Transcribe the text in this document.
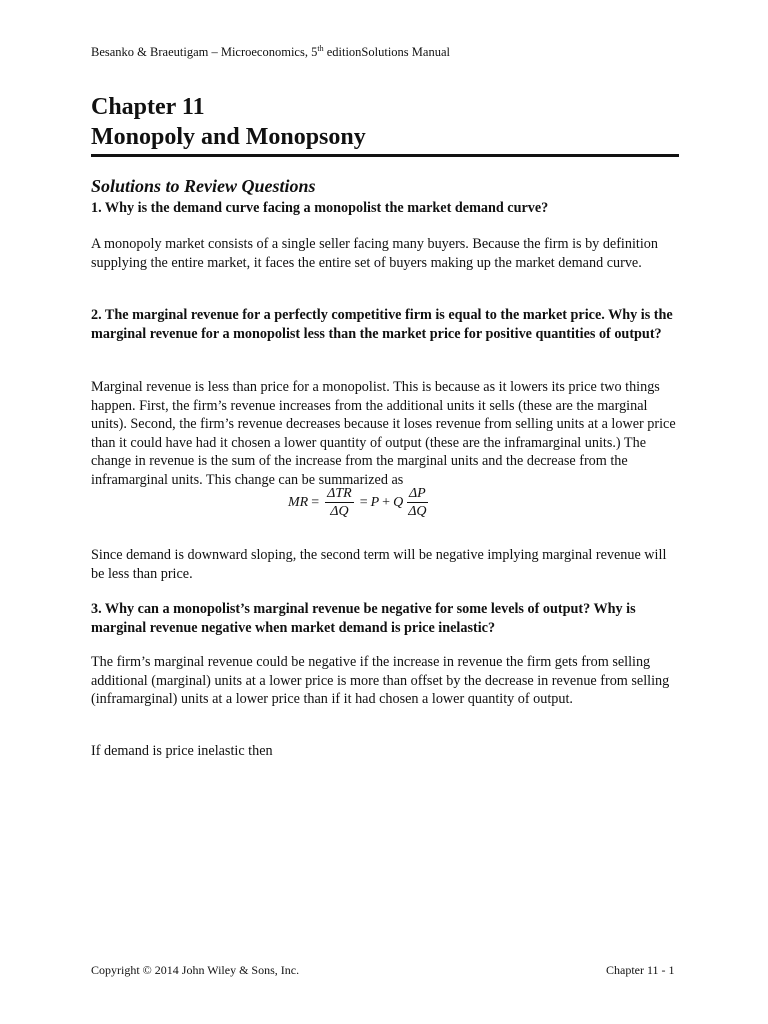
Besanko & Braeutigam – Microeconomics, 5th editionSolutions Manual
Chapter 11
Monopoly and Monopsony
Solutions to Review Questions
1. Why is the demand curve facing a monopolist the market demand curve?
A monopoly market consists of a single seller facing many buyers. Because the firm is by definition supplying the entire market, it faces the entire set of buyers making up the market demand curve.
2. The marginal revenue for a perfectly competitive firm is equal to the market price. Why is the marginal revenue for a monopolist less than the market price for positive quantities of output?
Marginal revenue is less than price for a monopolist. This is because as it lowers its price two things happen. First, the firm’s revenue increases from the additional units it sells (these are the marginal units). Second, the firm’s revenue decreases because it loses revenue from selling units at a lower price than it could have had it chosen a lower quantity of output (these are the inframarginal units.) The change in revenue is the sum of the increase from the marginal units and the decrease from the inframarginal units. This change can be summarized as
MR = $\frac{\text{ΔTR}}{\Delta Q} = P + Q \frac{\Delta P}{\Delta Q}$
Since demand is downward sloping, the second term will be negative implying marginal revenue will be less than price.
3. Why can a monopolist’s marginal revenue be negative for some levels of output? Why is marginal revenue negative when market demand is price inelastic?
The firm’s marginal revenue could be negative if the increase in revenue the firm gets from selling additional (marginal) units at a lower price is more than offset by the decrease in revenue from selling (inframarginal) units at a lower price than if it had chosen a lower quantity of output.
If demand is price inelastic then
Copyright © 2014 John Wiley & Sons, Inc.	Chapter 11 - 1
